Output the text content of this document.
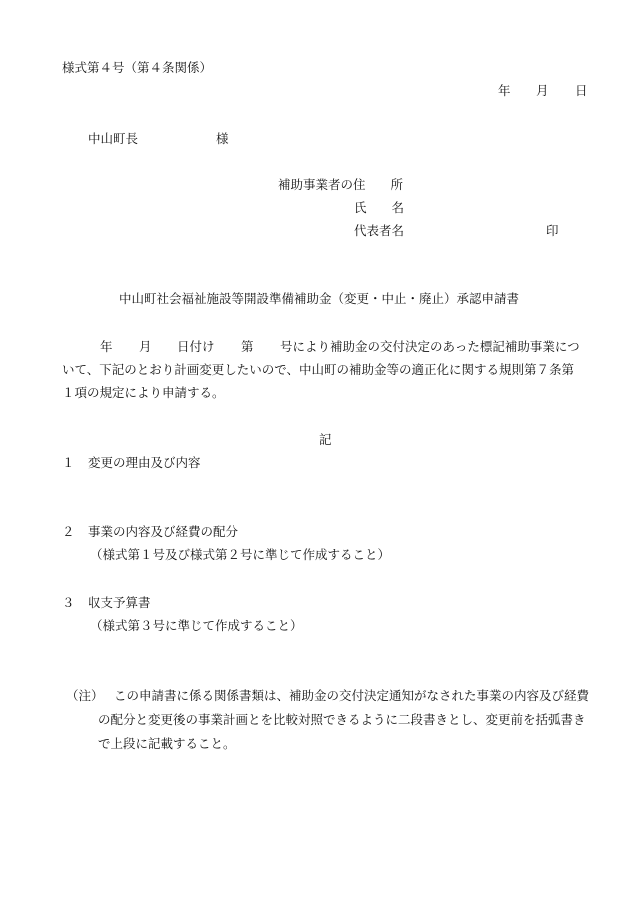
様式第４号（第４条関係）
年 月 日
中山町長	様
補助事業者の住　　所
氏　　名
代表者名	印
中山町社会福祉施設等開設準備補助金（変更・中止・廃止）承認申請書
年 月 日付け 第 号により補助金の交付決定のあった標記補助事業につ
いて、下記のとおり計画変更したいので、中山町の補助金等の適正化に関する規則第７条第
１項の規定により申請する。
記
１ 変更の理由及び内容
２ 事業の内容及び経費の配分
（様式第１号及び様式第２号に準じて作成すること）
３ 収支予算書
（様式第３号に準じて作成すること）
（注） この申請書に係る関係書類は、補助金の交付決定通知がなされた事業の内容及び経費の配分と変更後の事業計画とを比較対照できるように二段書きとし、変更前を括弧書きで上段に記載すること。
